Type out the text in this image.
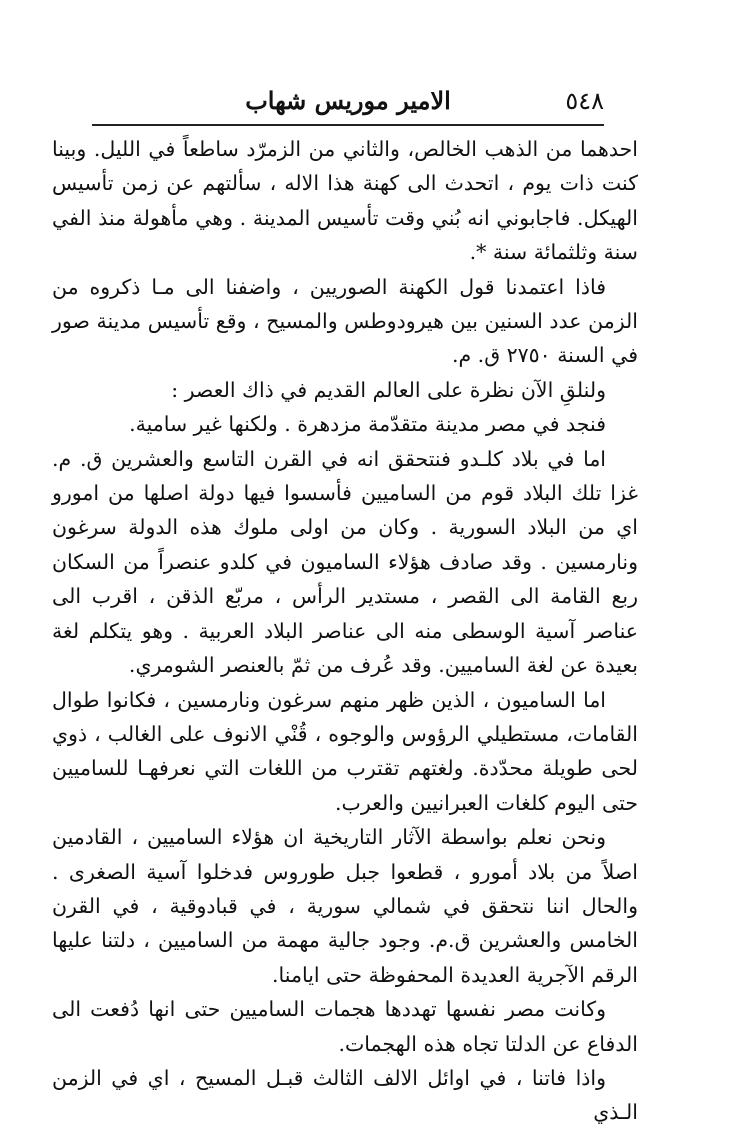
٥٤٨
الامير موريس شهاب

احدهما من الذهب الخالص، والثاني من الزمرّد ساطعاً في الليل. وبينا كنت ذات يوم ، اتحدث الى كهنة هذا الاله ، سألتهم عن زمن تأسيس الهيكل. فاجابوني انه بُني وقت تأسيس المدينة . وهي مأهولة منذ الفي سنة وثلثمائة سنة *.

فاذا اعتمدنا قول الكهنة الصوريين ، واضفنا الى مـا ذكروه من الزمن عدد السنين بين هيرودوطس والمسيح ، وقع تأسيس مدينة صور في السنة ٢٧٥٠ ق. م.

ولنلقِ الآن نظرة على العالم القديم في ذاك العصر :

فنجد في مصر مدينة متقدّمة مزدهرة . ولكنها غير سامية.

اما في بلاد كلـدو فنتحقق انه في القرن التاسع والعشرين ق. م. غزا تلك البلاد قوم من الساميين فأسسوا فيها دولة اصلها من امورو اي من البلاد السورية . وكان من اولى ملوك هذه الدولة سرغون ونارمسين . وقد صادف هؤلاء الساميون في كلدو عنصراً من السكان ربع القامة الى القصر ، مستدير الرأس ، مربّع الذقن ، اقرب الى عناصر آسية الوسطى منه الى عناصر البلاد العربية . وهو يتكلم لغة بعيدة عن لغة الساميين. وقد عُرف من ثمّ بالعنصر الشومري.

اما الساميون ، الذين ظهر منهم سرغون ونارمسين ، فكانوا طوال القامات، مستطيلي الرؤوس والوجوه ، قُنْي الانوف على الغالب ، ذوي لحى طويلة محدّدة. ولغتهم تقترب من اللغات التي نعرفهـا للساميين حتى اليوم كلغات العبرانيين والعرب.

ونحن نعلم بواسطة الآثار التاريخية ان هؤلاء الساميين ، القادمين اصلاً من بلاد أمورو ، قطعوا جبل طوروس فدخلوا آسية الصغرى . والحال اننا نتحقق في شمالي سورية ، في قبادوقية ، في القرن الخامس والعشرين ق.م. وجود جالية مهمة من الساميين ، دلتنا عليها الرقم الآجرية العديدة المحفوظة حتى ايامنا.

وكانت مصر نفسها تهددها هجمات الساميين حتى انها دُفعت الى الدفاع عن الدلتا تجاه هذه الهجمات.

واذا فاتنا ، في اوائل الالف الثالث قبـل المسيح ، اي في الزمن الـذي
